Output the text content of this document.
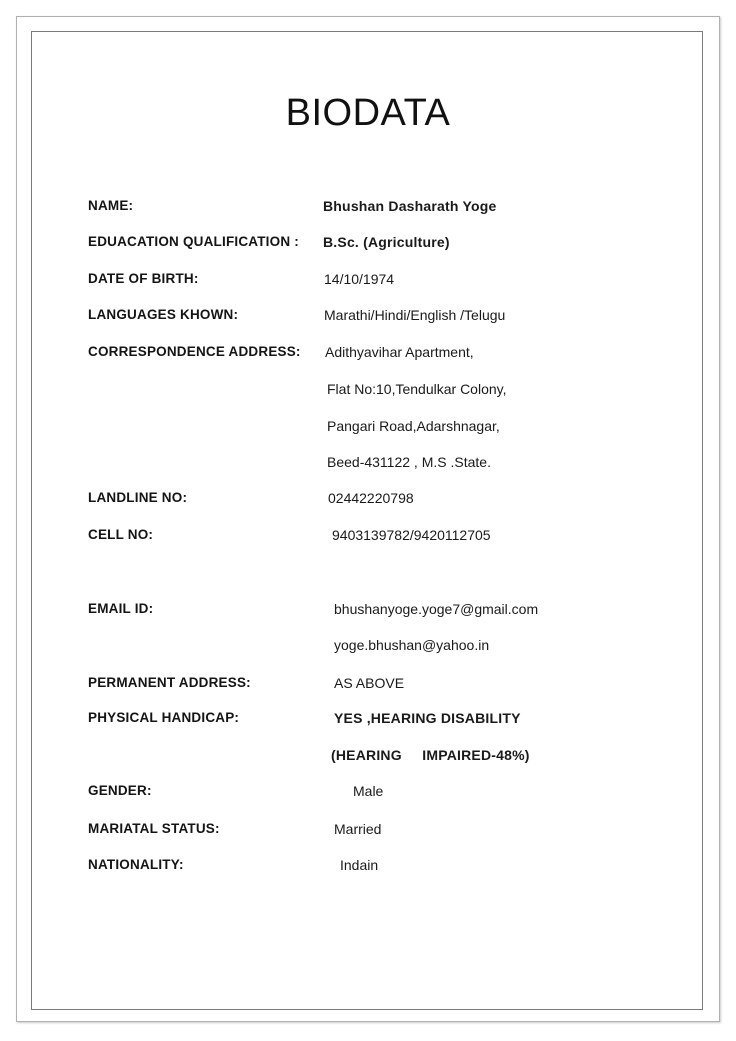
BIODATA
NAME:	Bhushan Dasharath Yoge
EDUACATION QUALIFICATION : B.Sc. (Agriculture)
DATE OF BIRTH:	14/10/1974
LANGUAGES KHOWN:	Marathi/Hindi/English /Telugu
CORRESPONDENCE ADDRESS: Adithyavihar Apartment,
Flat No:10,Tendulkar Colony,
Pangari Road,Adarshnagar,
Beed-431122 , M.S .State.
LANDLINE NO:	02442220798
CELL NO:	9403139782/9420112705
EMAIL ID:	bhushanyoge.yoge7@gmail.com
yoge.bhushan@yahoo.in
PERMANENT ADDRESS:	AS ABOVE
PHYSICAL HANDICAP:	YES ,HEARING DISABILITY
(HEARING     IMPAIRED-48%)
GENDER:	Male
MARIATAL STATUS:	Married
NATIONALITY:	Indain
